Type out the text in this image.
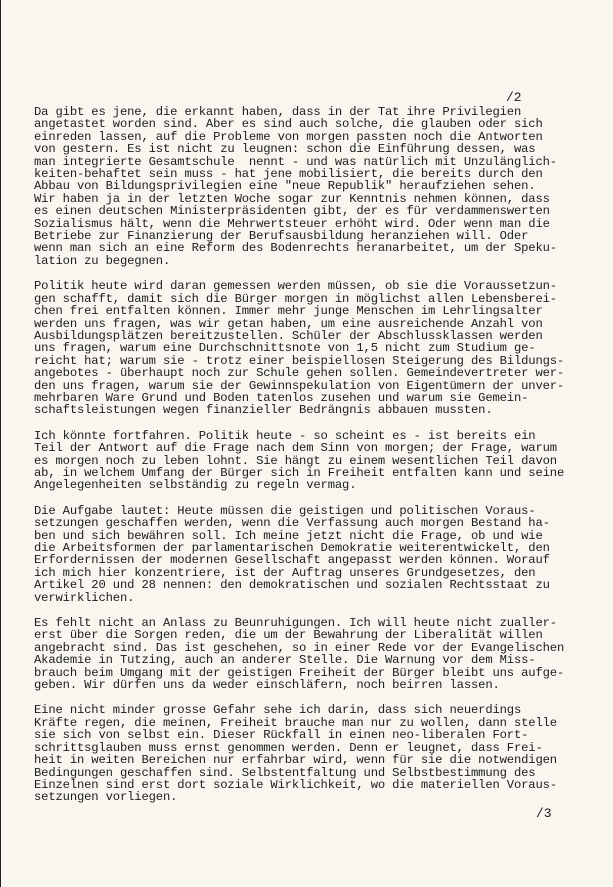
/2
Da gibt es jene, die erkannt haben, dass in der Tat ihre Privilegien
angetastet worden sind. Aber es sind auch solche, die glauben oder sich
einreden lassen, auf die Probleme von morgen passten noch die Antworten
von gestern. Es ist nicht zu leugnen: schon die Einführung dessen, was
man integrierte Gesamtschule  nennt - und was natürlich mit Unzulänglich-
keiten-behaftet sein muss - hat jene mobilisiert, die bereits durch den
Abbau von Bildungsprivilegien eine "neue Republik" heraufziehen sehen.
Wir haben ja in der letzten Woche sogar zur Kenntnis nehmen können, dass
es einen deutschen Ministerpräsidenten gibt, der es für verdammenswerten
Sozialismus hält, wenn die Mehrwertsteuer erhöht wird. Oder wenn man die
Betriebe zur Finanzierung der Berufsausbildung heranziehen will. Oder
wenn man sich an eine Reform des Bodenrechts heranarbeitet, um der Speku-
lation zu begegnen.
Politik heute wird daran gemessen werden müssen, ob sie die Voraussetzun-
gen schafft, damit sich die Bürger morgen in möglichst allen Lebensberei-
chen frei entfalten können. Immer mehr junge Menschen im Lehrlingsalter
werden uns fragen, was wir getan haben, um eine ausreichende Anzahl von
Ausbildungsplätzen bereitzustellen. Schüler der Abschlussklassen werden
uns fragen, warum eine Durchschnittsnote von 1,5 nicht zum Studium ge-
reicht hat; warum sie - trotz einer beispiellosen Steigerung des Bildungs-
angebotes - überhaupt noch zur Schule gehen sollen. Gemeindevertreter wer-
den uns fragen, warum sie der Gewinnspekulation von Eigentümern der unver-
mehrbaren Ware Grund und Boden tatenlos zusehen und warum sie Gemein-
schaftsleistungen wegen finanzieller Bedrängnis abbauen mussten.
Ich könnte fortfahren. Politik heute - so scheint es - ist bereits ein
Teil der Antwort auf die Frage nach dem Sinn von morgen; der Frage, warum
es morgen noch zu leben lohnt. Sie hängt zu einem wesentlichen Teil davon
ab, in welchem Umfang der Bürger sich in Freiheit entfalten kann und seine
Angelegenheiten selbständig zu regeln vermag.
Die Aufgabe lautet: Heute müssen die geistigen und politischen Voraus-
setzungen geschaffen werden, wenn die Verfassung auch morgen Bestand ha-
ben und sich bewähren soll. Ich meine jetzt nicht die Frage, ob und wie
die Arbeitsformen der parlamentarischen Demokratie weiterentwickelt, den
Erfordernissen der modernen Gesellschaft angepasst werden können. Worauf
ich mich hier konzentriere, ist der Auftrag unseres Grundgesetzes, den
Artikel 20 und 28 nennen: den demokratischen und sozialen Rechtsstaat zu
verwirklichen.
Es fehlt nicht an Anlass zu Beunruhigungen. Ich will heute nicht zualler-
erst über die Sorgen reden, die um der Bewahrung der Liberalität willen
angebracht sind. Das ist geschehen, so in einer Rede vor der Evangelischen
Akademie in Tutzing, auch an anderer Stelle. Die Warnung vor dem Miss-
brauch beim Umgang mit der geistigen Freiheit der Bürger bleibt uns aufge-
geben. Wir dürfen uns da weder einschläfern, noch beirren lassen.
Eine nicht minder grosse Gefahr sehe ich darin, dass sich neuerdings
Kräfte regen, die meinen, Freiheit brauche man nur zu wollen, dann stelle
sie sich von selbst ein. Dieser Rückfall in einen neo-liberalen Fort-
schrittsglauben muss ernst genommen werden. Denn er leugnet, dass Frei-
heit in weiten Bereichen nur erfahrbar wird, wenn für sie die notwendigen
Bedingungen geschaffen sind. Selbstentfaltung und Selbstbestimmung des
Einzelnen sind erst dort soziale Wirklichkeit, wo die materiellen Voraus-
setzungen vorliegen.
/3
